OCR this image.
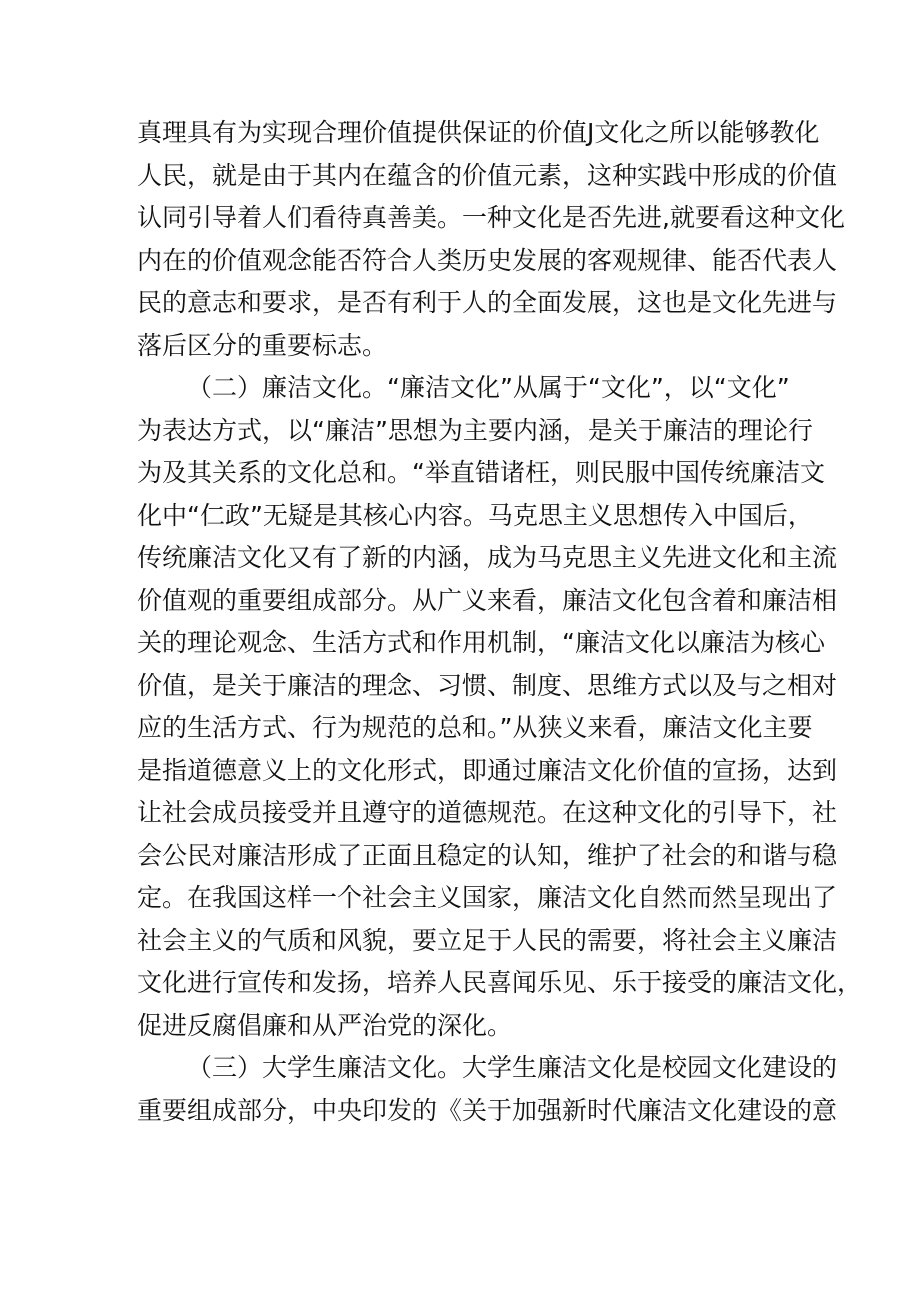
真理具有为实现合理价值提供保证的价值J文化之所以能够教化
人民，就是由于其内在蕴含的价值元素，这种实践中形成的价值
认同引导着人们看待真善美。一种文化是否先进,就要看这种文化
内在的价值观念能否符合人类历史发展的客观规律、能否代表人
民的意志和要求，是否有利于人的全面发展，这也是文化先进与
落后区分的重要标志。
（二）廉洁文化。“廉洁文化”从属于“文化”，以“文化”
为表达方式，以“廉洁”思想为主要内涵，是关于廉洁的理论行
为及其关系的文化总和。“举直错诸枉，则民服中国传统廉洁文
化中“仁政”无疑是其核心内容。马克思主义思想传入中国后，
传统廉洁文化又有了新的内涵，成为马克思主义先进文化和主流
价值观的重要组成部分。从广义来看，廉洁文化包含着和廉洁相
关的理论观念、生活方式和作用机制，“廉洁文化以廉洁为核心
价值，是关于廉洁的理念、习惯、制度、思维方式以及与之相对
应的生活方式、行为规范的总和。”从狭义来看，廉洁文化主要
是指道德意义上的文化形式，即通过廉洁文化价值的宣扬，达到
让社会成员接受并且遵守的道德规范。在这种文化的引导下，社
会公民对廉洁形成了正面且稳定的认知，维护了社会的和谐与稳
定。在我国这样一个社会主义国家，廉洁文化自然而然呈现出了
社会主义的气质和风貌，要立足于人民的需要，将社会主义廉洁
文化进行宣传和发扬，培养人民喜闻乐见、乐于接受的廉洁文化，
促进反腐倡廉和从严治党的深化。
（三）大学生廉洁文化。大学生廉洁文化是校园文化建设的
重要组成部分，中央印发的《关于加强新时代廉洁文化建设的意
